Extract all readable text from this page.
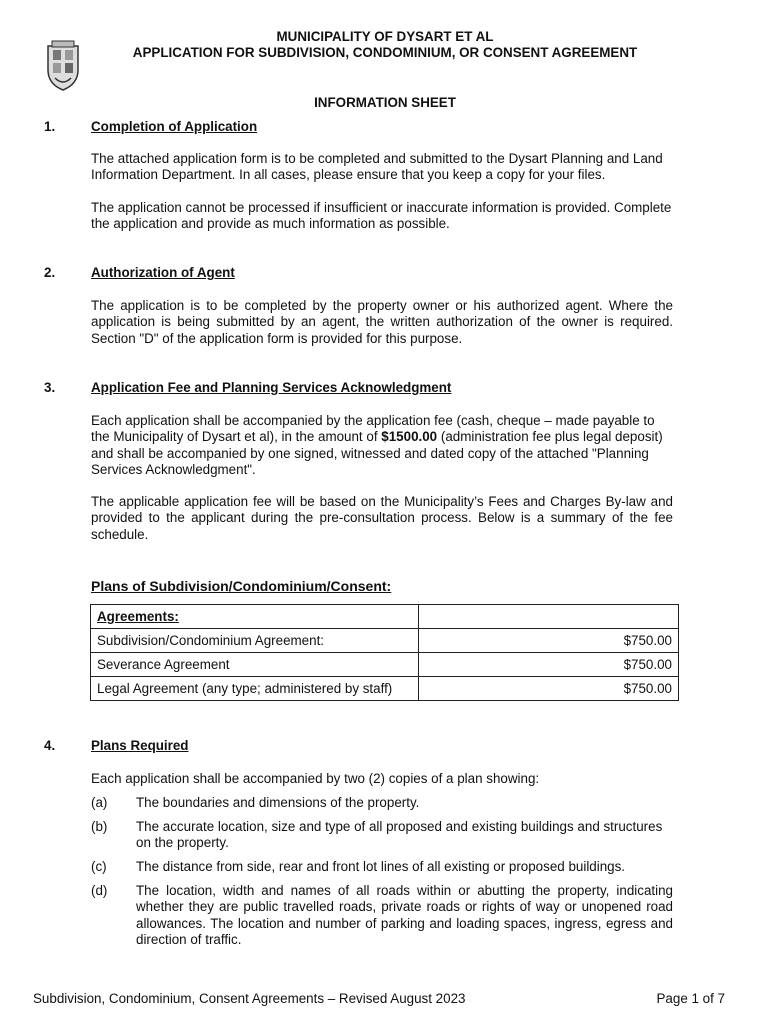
MUNICIPALITY OF DYSART ET AL
APPLICATION FOR SUBDIVISION, CONDOMINIUM, OR CONSENT AGREEMENT
INFORMATION SHEET
1.	Completion of Application
The attached application form is to be completed and submitted to the Dysart Planning and Land Information Department. In all cases, please ensure that you keep a copy for your files.
The application cannot be processed if insufficient or inaccurate information is provided. Complete the application and provide as much information as possible.
2.	Authorization of Agent
The application is to be completed by the property owner or his authorized agent. Where the application is being submitted by an agent, the written authorization of the owner is required. Section "D" of the application form is provided for this purpose.
3.	Application Fee and Planning Services Acknowledgment
Each application shall be accompanied by the application fee (cash, cheque – made payable to the Municipality of Dysart et al), in the amount of $1500.00 (administration fee plus legal deposit) and shall be accompanied by one signed, witnessed and dated copy of the attached "Planning Services Acknowledgment".
The applicable application fee will be based on the Municipality’s Fees and Charges By-law and provided to the applicant during the pre-consultation process. Below is a summary of the fee schedule.
Plans of Subdivision/Condominium/Consent:
Agreements:	
Subdivision/Condominium Agreement:	$750.00
Severance Agreement	$750.00
Legal Agreement (any type; administered by staff)	$750.00
4.	Plans Required
Each application shall be accompanied by two (2) copies of a plan showing:
(a) The boundaries and dimensions of the property.
(b) The accurate location, size and type of all proposed and existing buildings and structures on the property.
(c) The distance from side, rear and front lot lines of all existing or proposed buildings.
(d) The location, width and names of all roads within or abutting the property, indicating whether they are public travelled roads, private roads or rights of way or unopened road allowances. The location and number of parking and loading spaces, ingress, egress and direction of traffic.
Subdivision, Condominium, Consent Agreements – Revised August 2023	Page 1 of 7
